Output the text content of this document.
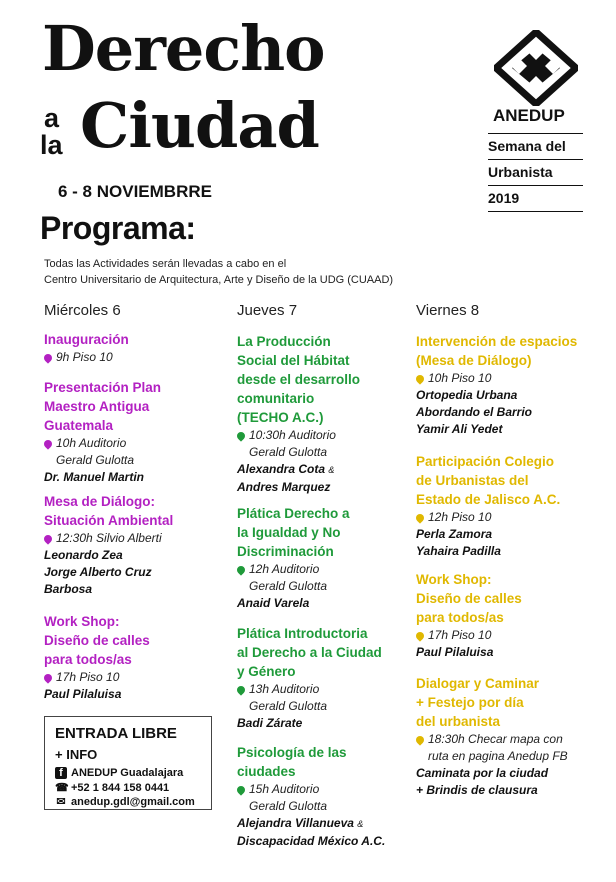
Derecho
a
la Ciudad
6 - 8 NOVIEMBRRE
Programa:
Todas las Actividades serán llevadas a cabo en el
Centro Universitario de Arquitectura, Arte y Diseño de la UDG (CUAAD)
ANEDUP
Semana del
Urbanista
2019
Miércoles 6	Jueves 7	Viernes 8
Inauguración
9h Piso 10
Presentación Plan
Maestro Antigua
Guatemala
10h Auditorio
Gerald Gulotta
Dr. Manuel Martin
Mesa de Diálogo:
Situación Ambiental
12:30h Silvio Alberti
Leonardo Zea
Jorge Alberto Cruz
Barbosa
Work Shop:
Diseño de calles
para todos/as
17h Piso 10
Paul Pilaluisa
La Producción
Social del Hábitat
desde el desarrollo
comunitario
(TECHO A.C.)
10:30h Auditorio
Gerald Gulotta
Alexandra Cota &
Andres Marquez
Plática Derecho a
la Igualdad y No
Discriminación
12h Auditorio
Gerald Gulotta
Anaid Varela
Plática Introductoria
al Derecho a la Ciudad
y Género
13h Auditorio
Gerald Gulotta
Badi Zárate
Psicología de las
ciudades
15h Auditorio
Gerald Gulotta
Alejandra Villanueva &
Discapacidad México A.C.
Intervención de espacios
(Mesa de Diálogo)
10h Piso 10
Ortopedia Urbana
Abordando el Barrio
Yamir Ali Yedet
Participación Colegio
de Urbanistas del
Estado de Jalisco A.C.
12h Piso 10
Perla Zamora
Yahaira Padilla
Work Shop:
Diseño de calles
para todos/as
17h Piso 10
Paul Pilaluisa
Dialogar y Caminar
+ Festejo por día
del urbanista
18:30h Checar mapa con
ruta en pagina Anedup FB
Caminata por la ciudad
+ Brindis de clausura
ENTRADA LIBRE
+ INFO
f ANEDUP Guadalajara
☎ +52 1 844 158 0441
✉ anedup.gdl@gmail.com
